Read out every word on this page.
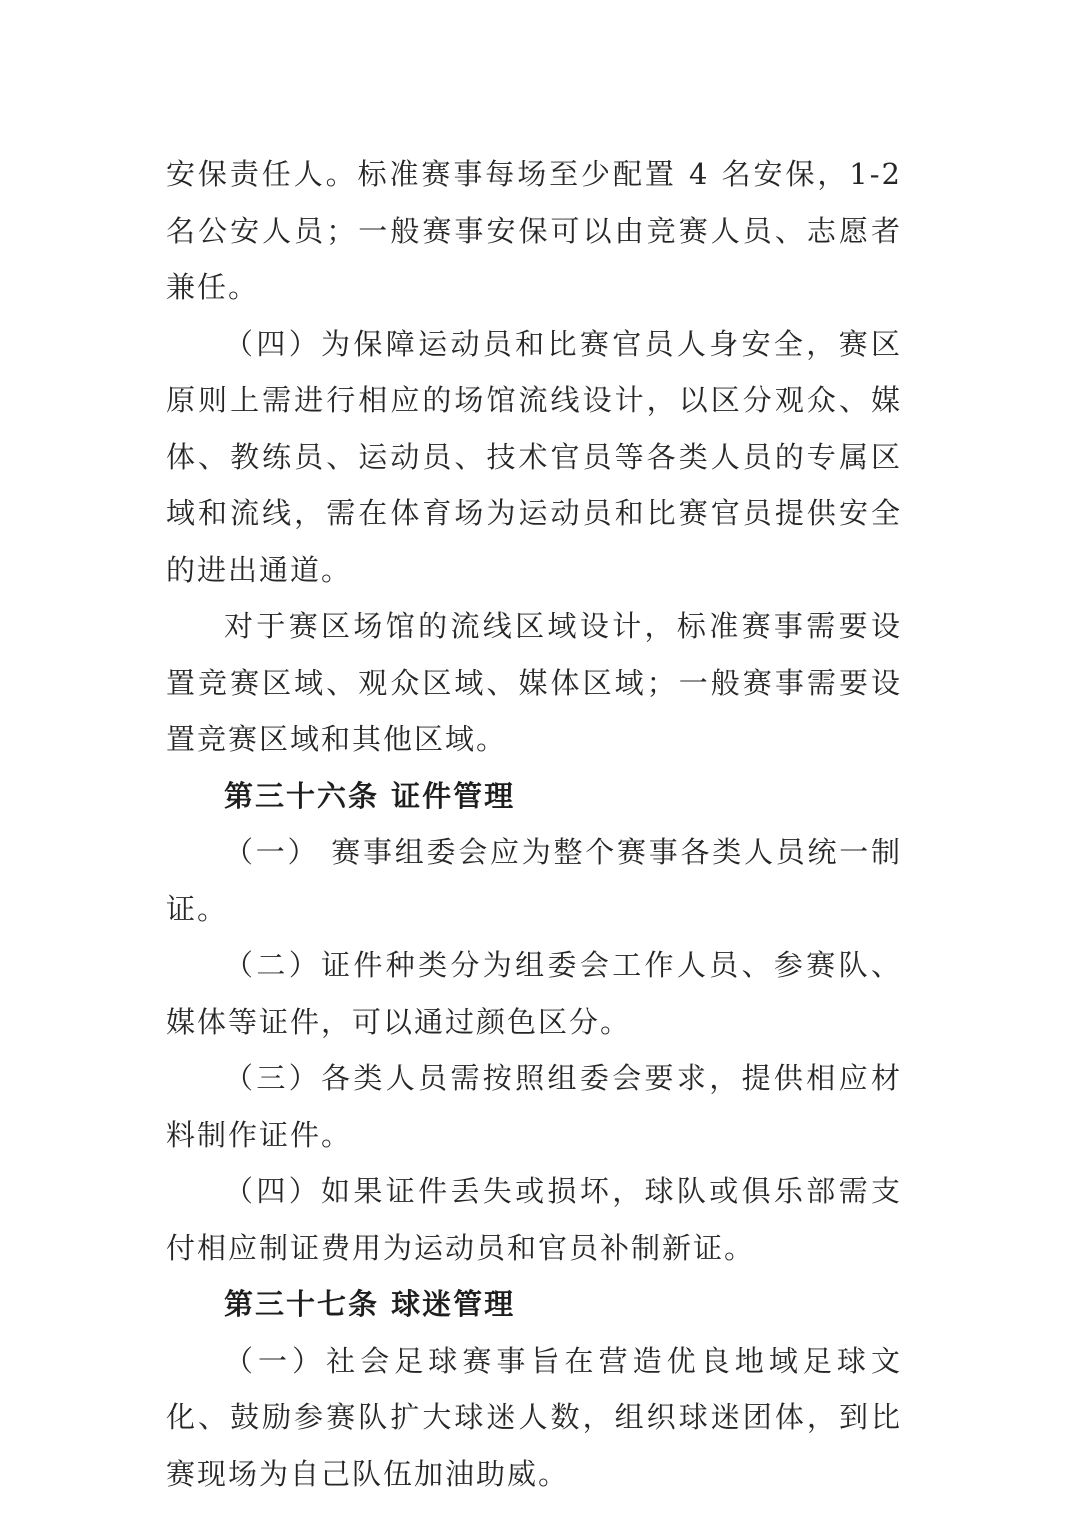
安保责任人。标准赛事每场至少配置 4 名安保，1-2 名公安人员；一般赛事安保可以由竞赛人员、志愿者兼任。

（四）为保障运动员和比赛官员人身安全，赛区原则上需进行相应的场馆流线设计，以区分观众、媒体、教练员、运动员、技术官员等各类人员的专属区域和流线，需在体育场为运动员和比赛官员提供安全的进出通道。

对于赛区场馆的流线区域设计，标准赛事需要设置竞赛区域、观众区域、媒体区域；一般赛事需要设置竞赛区域和其他区域。

第三十六条 证件管理

（一） 赛事组委会应为整个赛事各类人员统一制证。

（二）证件种类分为组委会工作人员、参赛队、媒体等证件，可以通过颜色区分。

（三）各类人员需按照组委会要求，提供相应材料制作证件。

（四）如果证件丢失或损坏，球队或俱乐部需支付相应制证费用为运动员和官员补制新证。

第三十七条 球迷管理

（一）社会足球赛事旨在营造优良地域足球文化、鼓励参赛队扩大球迷人数，组织球迷团体，到比赛现场为自己队伍加油助威。
